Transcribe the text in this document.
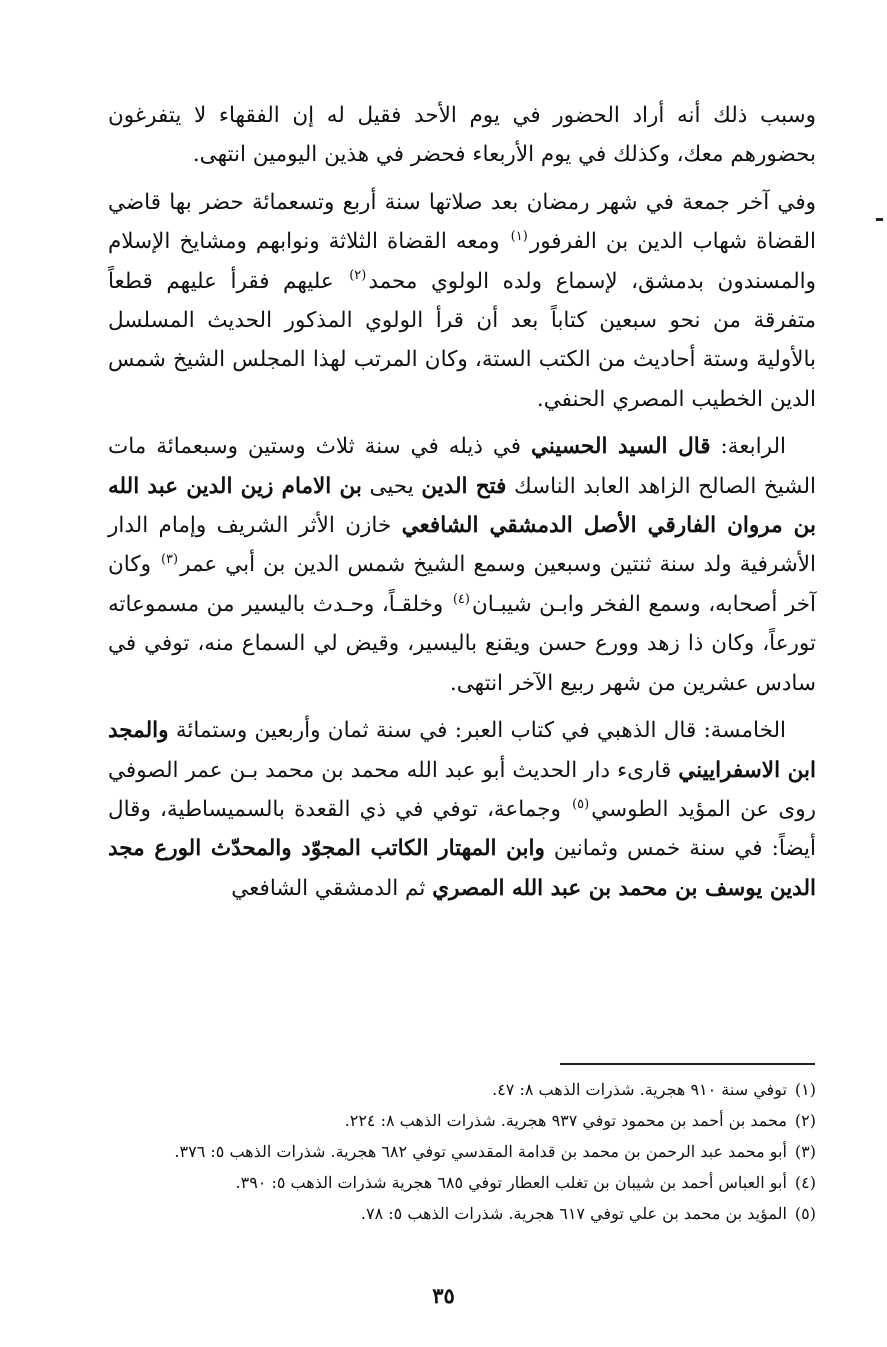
وسبب ذلك أنه أراد الحضور في يوم الأحد فقيل له إن الفقهاء لا يتفرغون بحضورهم معك، وكذلك في يوم الأربعاء فحضر في هذين اليومين انتهى.

وفي آخر جمعة في شهر رمضان بعد صلاتها سنة أربع وتسعمائة حضر بها قاضي القضاة شهاب الدين بن الفرفور$^{(١)}$ ومعه القضاة الثلاثة ونوابهم ومشايخ الإسلام والمسندون بدمشق، لإسماع ولده الولوي محمد$^{(٢)}$ عليهم فقرأ عليهم قطعاً متفرقة من نحو سبعين كتاباً بعد أن قرأ الولوي المذكور الحديث المسلسل بالأولية وستة أحاديث من الكتب الستة، وكان المرتب لهذا المجلس الشيخ شمس الدين الخطيب المصري الحنفي.

الرابعة: قال السيد الحسيني في ذيله في سنة ثلاث وستين وسبعمائة مات الشيخ الصالح الزاهد العابد الناسك فتح الدين يحيى بن الامام زين الدين عبد الله بن مروان الفارقي الأصل الدمشقي الشافعي خازن الأثر الشريف وإمام الدار الأشرفية ولد سنة ثنتين وسبعين وسمع الشيخ شمس الدين بن أبي عمر$^{(٣)}$ وكان آخر أصحابه، وسمع الفخر وابـن شيبـان$^{(٤)}$ وخلقـاً، وحـدث باليسير من مسموعاته تورعاً، وكان ذا زهد وورع حسن ويقنع باليسير، وقيض لي السماع منه، توفي في سادس عشرين من شهر ربيع الآخر انتهى.

الخامسة: قال الذهبي في كتاب العبر: في سنة ثمان وأربعين وستمائة والمجد ابن الاسفراييني قارىء دار الحديث أبو عبد الله محمد بن محمد بـن عمر الصوفي روى عن المؤيد الطوسي$^{(٥)}$ وجماعة، توفي في ذي القعدة بالسميساطية، وقال أيضاً: في سنة خمس وثمانين وابن المهتار الكاتب المجوّد والمحدّث الورع مجد الدين يوسف بن محمد بن عبد الله المصري ثم الدمشقي الشافعي

(١)توفي سنة ٩١٠ هجرية. شذرات الذهب ٨: ٤٧.
(٢)محمد بن أحمد بن محمود توفي ٩٣٧ هجرية. شذرات الذهب ٨: ٢٢٤.
(٣)أبو محمد عبد الرحمن بن محمد بن قدامة المقدسي توفي ٦٨٢ هجرية. شذرات الذهب ٥: ٣٧٦.
(٤)أبو العباس أحمد بن شيبان بن تغلب العطار توفي ٦٨٥ هجرية شذرات الذهب ٥: ٣٩٠.
(٥)المؤيد بن محمد بن علي توفي ٦١٧ هجرية. شذرات الذهب ٥: ٧٨.
٣٥
